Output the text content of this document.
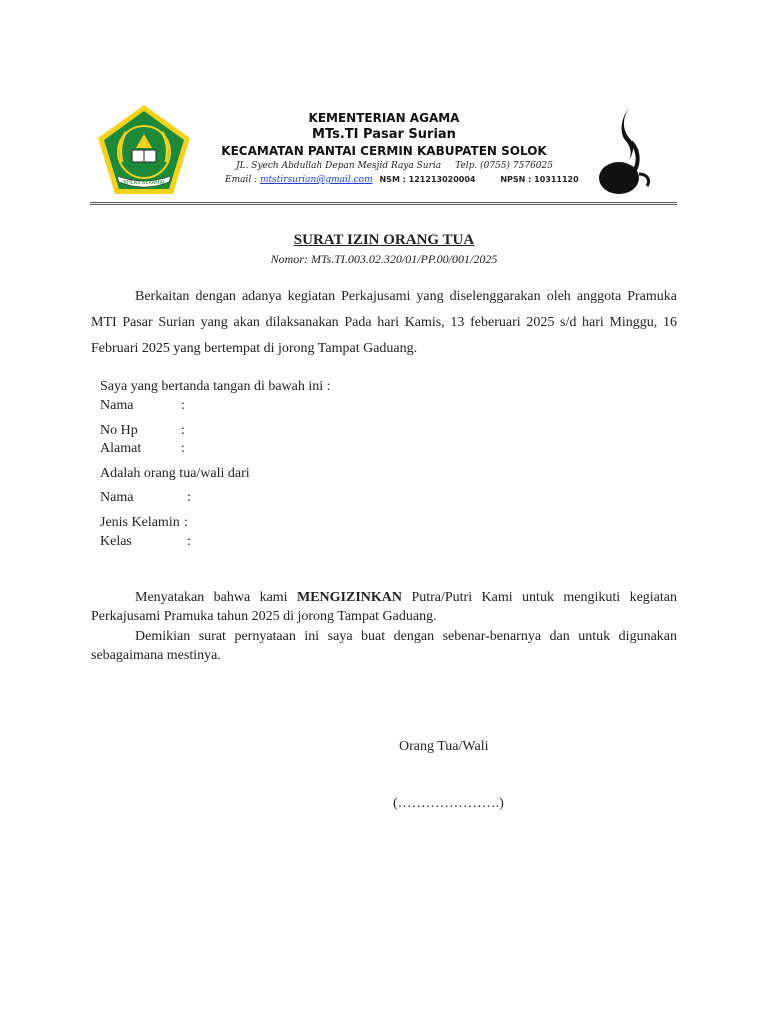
IKHLAS BERAMAL
KEMENTERIAN AGAMA
MTs.TI Pasar Surian
KECAMATAN PANTAI CERMIN KABUPATEN SOLOK
JL. Syech Abdullah Depan Mesjid Raya Suria Telp. (0755) 7576025
Email : mtstirsurian@gmail.com NSM : 121213020004	NPSN : 10311120
SURAT IZIN ORANG TUA
Nomor: MTs.TI.003.02.320/01/PP.00/001/2025
Berkaitan dengan adanya kegiatan Perkajusami yang diselenggarakan oleh anggota Pramuka MTI Pasar Surian yang akan dilaksanakan Pada hari Kamis, 13 feberuari 2025 s/d hari Minggu, 16 Februari 2025 yang bertempat di jorong Tampat Gaduang.
Saya yang bertanda tangan di bawah ini :
Nama	:
No Hp	:
Alamat	:
Adalah orang tua/wali dari
Nama	:
Jenis Kelamin :
Kelas	:
Menyatakan bahwa kami MENGIZINKAN Putra/Putri Kami untuk mengikuti kegiatan Perkajusami Pramuka tahun 2025 di jorong Tampat Gaduang.
Demikian surat pernyataan ini saya buat dengan sebenar-benarnya dan untuk digunakan sebagaimana mestinya.
Orang Tua/Wali
(………………….)
